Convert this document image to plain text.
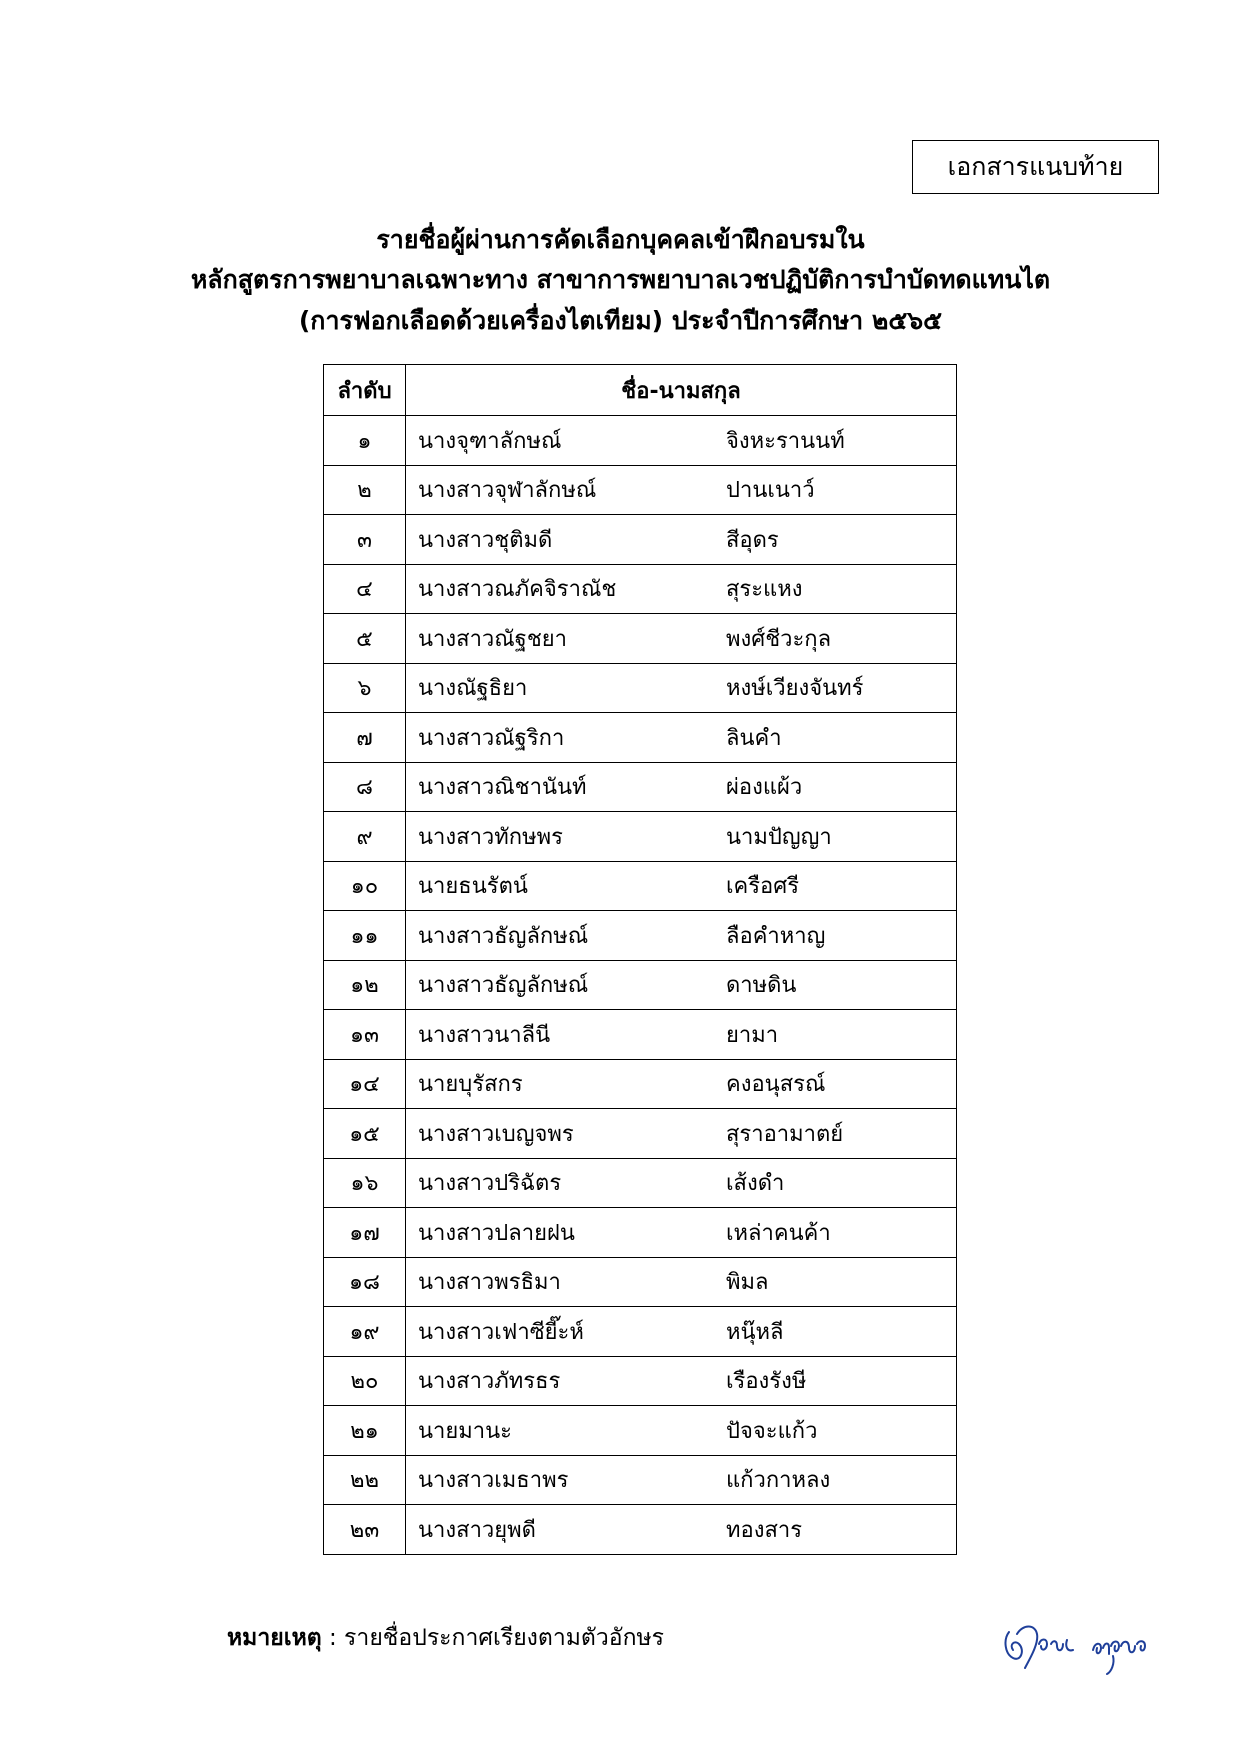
เอกสารแนบท้าย
รายชื่อผู้ผ่านการคัดเลือกบุคคลเข้าฝึกอบรมใน
หลักสูตรการพยาบาลเฉพาะทาง สาขาการพยาบาลเวชปฏิบัติการบำบัดทดแทนไต
(การฟอกเลือดด้วยเครื่องไตเทียม) ประจำปีการศึกษา ๒๕๖๕
ลำดับ	ชื่อ-นามสกุล
๑	นางจุฑาลักษณ์ จิงหะรานนท์

๒	นางสาวจุฬาลักษณ์ ปานเนาว์

๓	นางสาวชุติมดี สีอุดร

๔	นางสาวณภัคจิราณัช สุระแหง

๕	นางสาวณัฐชยา พงศ์ชีวะกุล

๖	นางณัฐธิยา หงษ์เวียงจันทร์

๗	นางสาวณัฐริกา ลินคำ

๘	นางสาวณิชานันท์ ผ่องแผ้ว

๙	นางสาวทักษพร นามปัญญา

๑๐	นายธนรัตน์ เครือศรี

๑๑	นางสาวธัญลักษณ์ ลือคำหาญ

๑๒	นางสาวธัญลักษณ์ ดาษดิน

๑๓	นางสาวนาลีนี ยามา

๑๔	นายบุรัสกร คงอนุสรณ์

๑๕	นางสาวเบญจพร สุราอามาตย์

๑๖	นางสาวปริฉัตร เส้งดำ

๑๗	นางสาวปลายฝน เหล่าคนค้า

๑๘	นางสาวพรธิมา พิมล

๑๙	นางสาวเฟาซียี๊ะห์ หนุ๊หลี

๒๐	นางสาวภัทรธร เรืองรังษี

๒๑	นายมานะ ปัจจะแก้ว

๒๒	นางสาวเมธาพร แก้วกาหลง

๒๓	นางสาวยุพดี ทองสาร
หมายเหตุ : รายชื่อประกาศเรียงตามตัวอักษร
